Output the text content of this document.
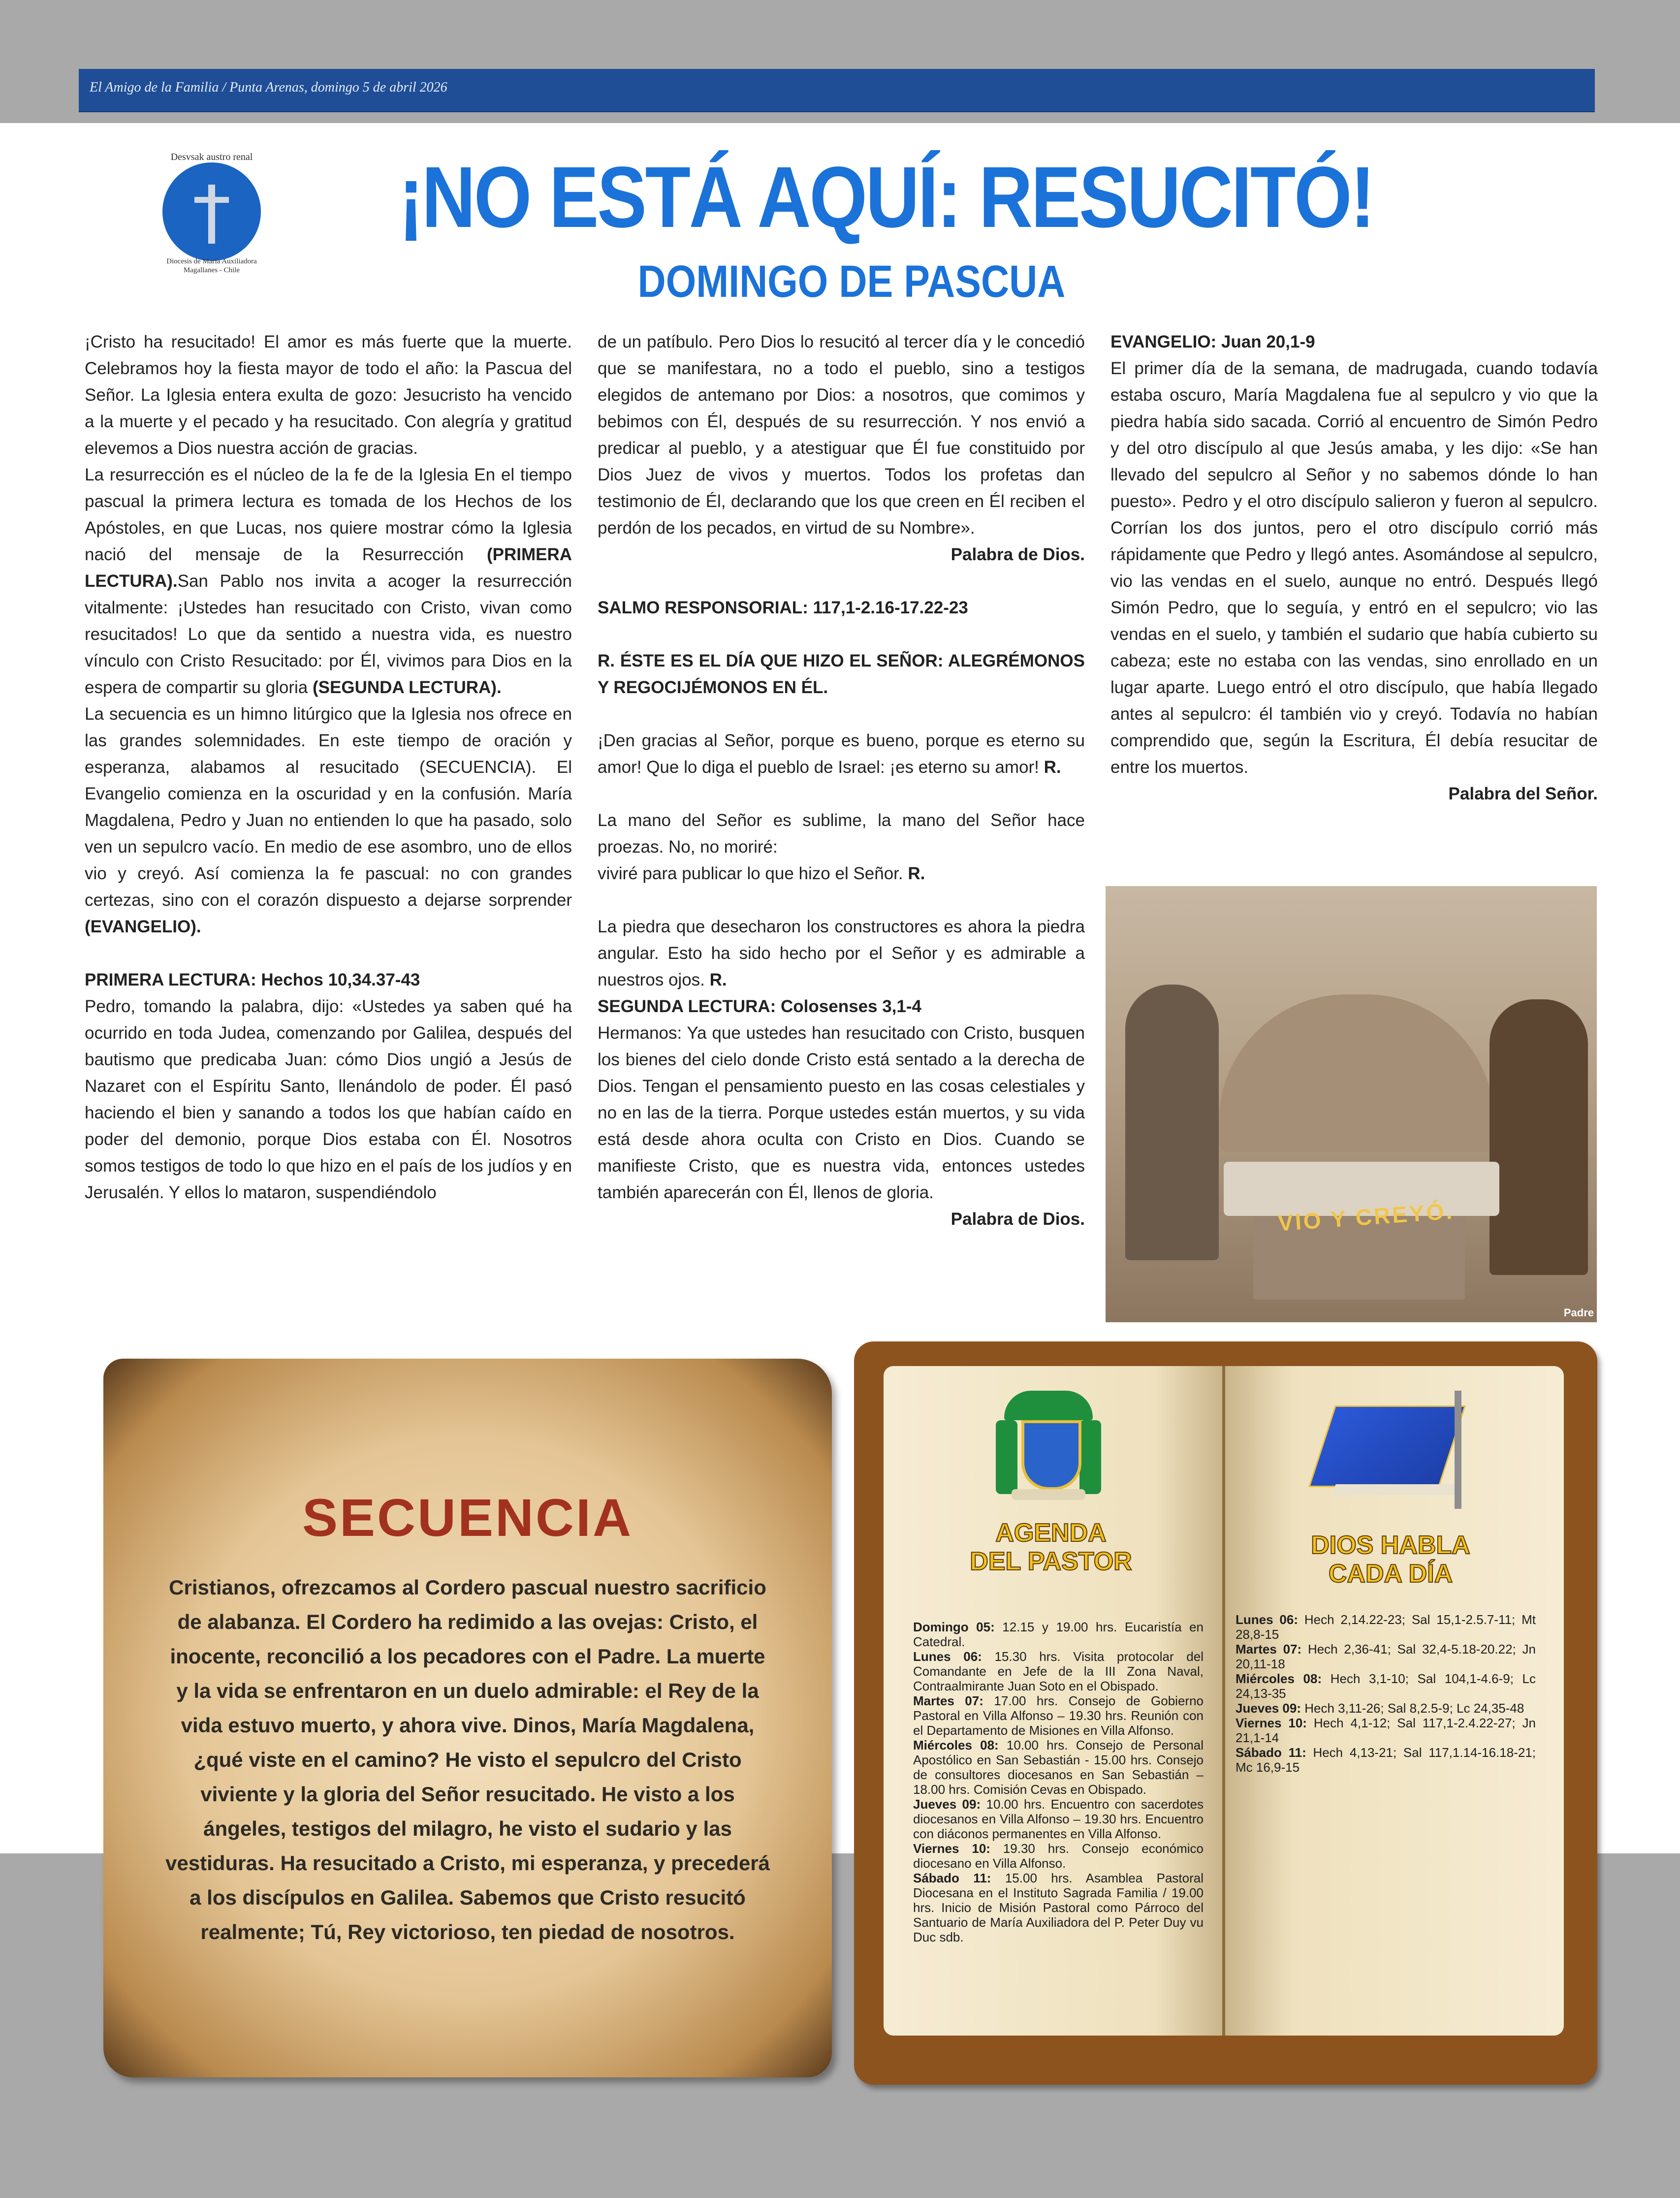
El Amigo de la Familia / Punta Arenas, domingo 5 de abril 2026
Desvsak austro renal
Diocesis de María Auxiliadora
Magallanes - Chile
¡NO ESTÁ AQUÍ: RESUCITÓ!
DOMINGO DE PASCUA

¡Cristo ha resucitado! El amor es más fuerte que la muerte. Celebramos hoy la fiesta mayor de todo el año: la Pascua del Señor. La Iglesia entera exulta de gozo: Jesucristo ha vencido a la muerte y el pecado y ha resucitado. Con alegría y gratitud elevemos a Dios nuestra acción de gracias.

La resurrección es el núcleo de la fe de la Iglesia En el tiempo pascual la primera lectura es tomada de los Hechos de los Apóstoles, en que Lucas, nos quiere mostrar cómo la Iglesia nació del mensaje de la Resurrección (PRIMERA LECTURA).San Pablo nos invita a acoger la resurrección vitalmente: ¡Ustedes han resucitado con Cristo, vivan como resucitados! Lo que da sentido a nuestra vida, es nuestro vínculo con Cristo Resucitado: por Él, vivimos para Dios en la espera de compartir su gloria (SEGUNDA LECTURA).

La secuencia es un himno litúrgico que la Iglesia nos ofrece en las grandes solemnidades. En este tiempo de oración y esperanza, alabamos al resucitado (SECUENCIA). El Evangelio comienza en la oscuridad y en la confusión. María Magdalena, Pedro y Juan no entienden lo que ha pasado, solo ven un sepulcro vacío. En medio de ese asombro, uno de ellos vio y creyó. Así comienza la fe pascual: no con grandes certezas, sino con el corazón dispuesto a dejarse sorprender (EVANGELIO).

PRIMERA LECTURA: Hechos 10,34.37-43

Pedro, tomando la palabra, dijo: «Ustedes ya saben qué ha ocurrido en toda Judea, comenzando por Galilea, después del bautismo que predicaba Juan: cómo Dios ungió a Jesús de Nazaret con el Espíritu Santo, llenándolo de poder. Él pasó haciendo el bien y sanando a todos los que habían caído en poder del demonio, porque Dios estaba con Él. Nosotros somos testigos de todo lo que hizo en el país de los judíos y en Jerusalén. Y ellos lo mataron, suspendiéndolo

de un patíbulo. Pero Dios lo resucitó al tercer día y le concedió que se manifestara, no a todo el pueblo, sino a testigos elegidos de antemano por Dios: a nosotros, que comimos y bebimos con Él, después de su resurrección. Y nos envió a predicar al pueblo, y a atestiguar que Él fue constituido por Dios Juez de vivos y muertos. Todos los profetas dan testimonio de Él, declarando que los que creen en Él reciben el perdón de los pecados, en virtud de su Nombre».

Palabra de Dios.

SALMO RESPONSORIAL: 117,1-2.16-17.22-23

R. ÉSTE ES EL DÍA QUE HIZO EL SEÑOR: ALEGRÉMONOS Y REGOCIJÉMONOS EN ÉL.

¡Den gracias al Señor, porque es bueno, porque es eterno su amor! Que lo diga el pueblo de Israel: ¡es eterno su amor! R.

La mano del Señor es sublime, la mano del Señor hace proezas. No, no moriré:
viviré para publicar lo que hizo el Señor. R.

La piedra que desecharon los constructores es ahora la piedra angular. Esto ha sido hecho por el Señor y es admirable a nuestros ojos. R.

SEGUNDA LECTURA: Colosenses 3,1-4

Hermanos: Ya que ustedes han resucitado con Cristo, busquen los bienes del cielo donde Cristo está sentado a la derecha de Dios. Tengan el pensamiento puesto en las cosas celestiales y no en las de la tierra. Porque ustedes están muertos, y su vida está desde ahora oculta con Cristo en Dios. Cuando se manifieste Cristo, que es nuestra vida, entonces ustedes también aparecerán con Él, llenos de gloria.

Palabra de Dios.

EVANGELIO: Juan 20,1-9

El primer día de la semana, de madrugada, cuando todavía estaba oscuro, María Magdalena fue al sepulcro y vio que la piedra había sido sacada. Corrió al encuentro de Simón Pedro y del otro discípulo al que Jesús amaba, y les dijo: «Se han llevado del sepulcro al Señor y no sabemos dónde lo han puesto». Pedro y el otro discípulo salieron y fueron al sepulcro. Corrían los dos juntos, pero el otro discípulo corrió más rápidamente que Pedro y llegó antes. Asomándose al sepulcro, vio las vendas en el suelo, aunque no entró. Después llegó Simón Pedro, que lo seguía, y entró en el sepulcro; vio las vendas en el suelo, y también el sudario que había cubierto su cabeza; este no estaba con las vendas, sino enrollado en un lugar aparte. Luego entró el otro discípulo, que había llegado antes al sepulcro: él también vio y creyó. Todavía no habían comprendido que, según la Escritura, Él debía resucitar de entre los muertos.

Palabra del Señor.

VIO Y CREYÓ.
Padre
SECUENCIA
Cristianos, ofrezcamos al Cordero pascual nuestro sacrificio de alabanza. El Cordero ha redimido a las ovejas: Cristo, el inocente, reconcilió a los pecadores con el Padre. La muerte y la vida se enfrentaron en un duelo admirable: el Rey de la vida estuvo muerto, y ahora vive. Dinos, María Magdalena, ¿qué viste en el camino? He visto el sepulcro del Cristo viviente y la gloria del Señor resucitado. He visto a los ángeles, testigos del milagro, he visto el sudario y las vestiduras. Ha resucitado a Cristo, mi esperanza, y precederá a los discípulos en Galilea. Sabemos que Cristo resucitó realmente; Tú, Rey victorioso, ten piedad de nosotros.
AGENDA
DEL PASTOR

Domingo 05: 12.15 y 19.00 hrs. Eucaristía en Catedral.

Lunes 06: 15.30 hrs. Visita protocolar del Comandante en Jefe de la III Zona Naval, Contraalmirante Juan Soto en el Obispado.

Martes 07: 17.00 hrs. Consejo de Gobierno Pastoral en Villa Alfonso – 19.30 hrs. Reunión con el Departamento de Misiones en Villa Alfonso.

Miércoles 08: 10.00 hrs. Consejo de Personal Apostólico en San Sebastián - 15.00 hrs. Consejo de consultores diocesanos en San Sebastián – 18.00 hrs. Comisión Cevas en Obispado.

Jueves 09: 10.00 hrs. Encuentro con sacerdotes diocesanos en Villa Alfonso – 19.30 hrs. Encuentro con diáconos permanentes en Villa Alfonso.

Viernes 10: 19.30 hrs. Consejo económico diocesano en Villa Alfonso.

Sábado 11: 15.00 hrs. Asamblea Pastoral Diocesana en el Instituto Sagrada Familia / 19.00 hrs. Inicio de Misión Pastoral como Párroco del Santuario de María Auxiliadora del P. Peter Duy vu Duc sdb.

DIOS HABLA
CADA DÍA

Lunes 06: Hech 2,14.22-23; Sal 15,1-2.5.7-11; Mt 28,8-15

Martes 07: Hech 2,36-41; Sal 32,4-5.18-20.22; Jn 20,11-18

Miércoles 08: Hech 3,1-10; Sal 104,1-4.6-9; Lc 24,13-35

Jueves 09: Hech 3,11-26; Sal 8,2.5-9; Lc 24,35-48

Viernes 10: Hech 4,1-12; Sal 117,1-2.4.22-27; Jn 21,1-14

Sábado 11: Hech 4,13-21; Sal 117,1.14-16.18-21; Mc 16,9-15
